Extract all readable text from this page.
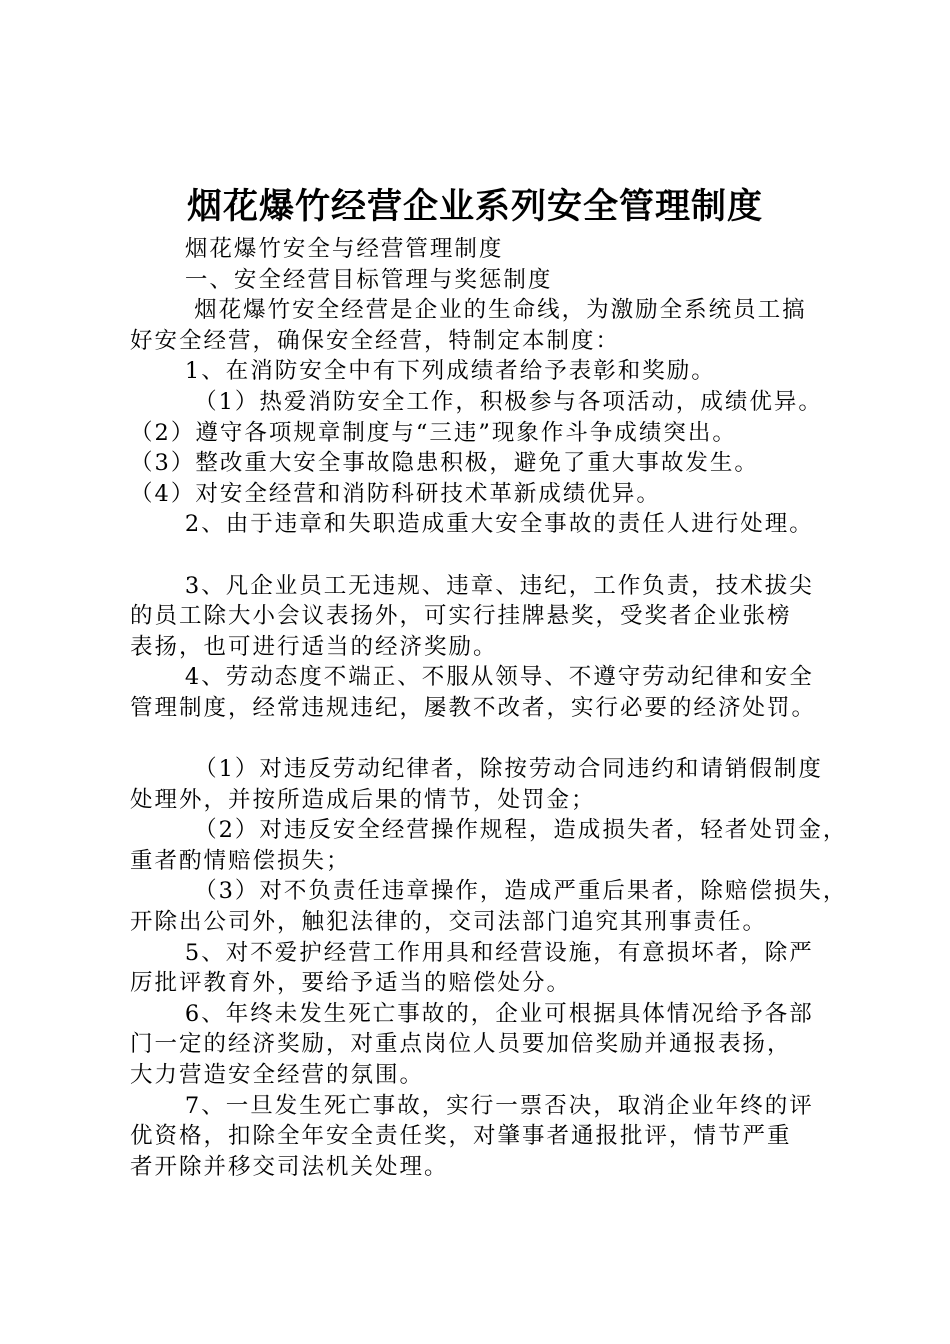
烟花爆竹经营企业系列安全管理制度

烟花爆竹安全与经营管理制度

一、安全经营目标管理与奖惩制度

烟花爆竹安全经营是企业的生命线，为激励全系统员工搞

好安全经营，确保安全经营，特制定本制度：

1、在消防安全中有下列成绩者给予表彰和奖励。

（1）热爱消防安全工作，积极参与各项活动，成绩优异。

（2）遵守各项规章制度与“三违”现象作斗争成绩突出。

（3）整改重大安全事故隐患积极，避免了重大事故发生。

（4）对安全经营和消防科研技术革新成绩优异。

2、由于违章和失职造成重大安全事故的责任人进行处理。

3、凡企业员工无违规、违章、违纪，工作负责，技术拔尖

的员工除大小会议表扬外，可实行挂牌悬奖，受奖者企业张榜

表扬，也可进行适当的经济奖励。

4、劳动态度不端正、不服从领导、不遵守劳动纪律和安全

管理制度，经常违规违纪，屡教不改者，实行必要的经济处罚。

（1）对违反劳动纪律者，除按劳动合同违约和请销假制度

处理外，并按所造成后果的情节，处罚金；

（2）对违反安全经营操作规程，造成损失者，轻者处罚金，

重者酌情赔偿损失；

（3）对不负责任违章操作，造成严重后果者，除赔偿损失，

开除出公司外，触犯法律的，交司法部门追究其刑事责任。

5、对不爱护经营工作用具和经营设施，有意损坏者，除严

厉批评教育外，要给予适当的赔偿处分。

6、年终未发生死亡事故的，企业可根据具体情况给予各部

门一定的经济奖励，对重点岗位人员要加倍奖励并通报表扬，

大力营造安全经营的氛围。

7、一旦发生死亡事故，实行一票否决，取消企业年终的评

优资格，扣除全年安全责任奖，对肇事者通报批评，情节严重

者开除并移交司法机关处理。
